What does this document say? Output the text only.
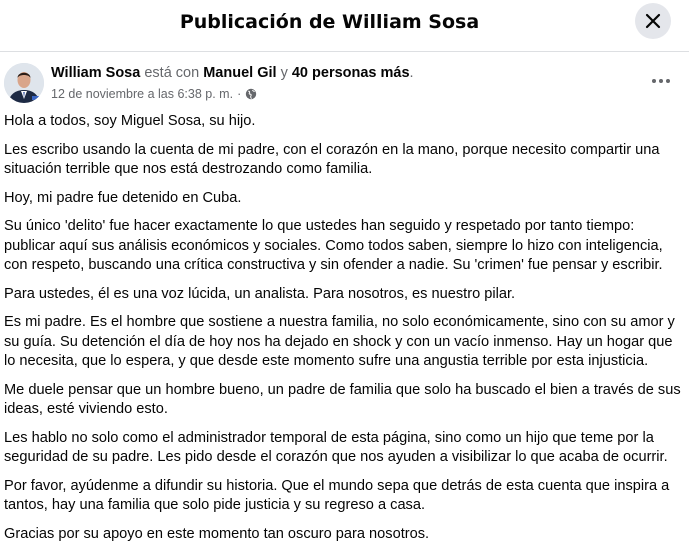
Publicación de William Sosa
William Sosa está con Manuel Gil y 40 personas más.
12 de noviembre a las 6:38 p. m. ·

Hola a todos, soy Miguel Sosa, su hijo.

Les escribo usando la cuenta de mi padre, con el corazón en la mano, porque necesito compartir una situación terrible que nos está destrozando como familia.

Hoy, mi padre fue detenido en Cuba.

Su único 'delito' fue hacer exactamente lo que ustedes han seguido y respetado por tanto tiempo: publicar aquí sus análisis económicos y sociales. Como todos saben, siempre lo hizo con inteligencia, con respeto, buscando una crítica constructiva y sin ofender a nadie. Su 'crimen' fue pensar y escribir.

Para ustedes, él es una voz lúcida, un analista. Para nosotros, es nuestro pilar.

Es mi padre. Es el hombre que sostiene a nuestra familia, no solo económicamente, sino con su amor y su guía. Su detención el día de hoy nos ha dejado en shock y con un vacío inmenso. Hay un hogar que lo necesita, que lo espera, y que desde este momento sufre una angustia terrible por esta injusticia.

Me duele pensar que un hombre bueno, un padre de familia que solo ha buscado el bien a través de sus ideas, esté viviendo esto.

Les hablo no solo como el administrador temporal de esta página, sino como un hijo que teme por la seguridad de su padre. Les pido desde el corazón que nos ayuden a visibilizar lo que acaba de ocurrir.

Por favor, ayúdenme a difundir su historia. Que el mundo sepa que detrás de esta cuenta que inspira a tantos, hay una familia que solo pide justicia y su regreso a casa.

Gracias por su apoyo en este momento tan oscuro para nosotros.
